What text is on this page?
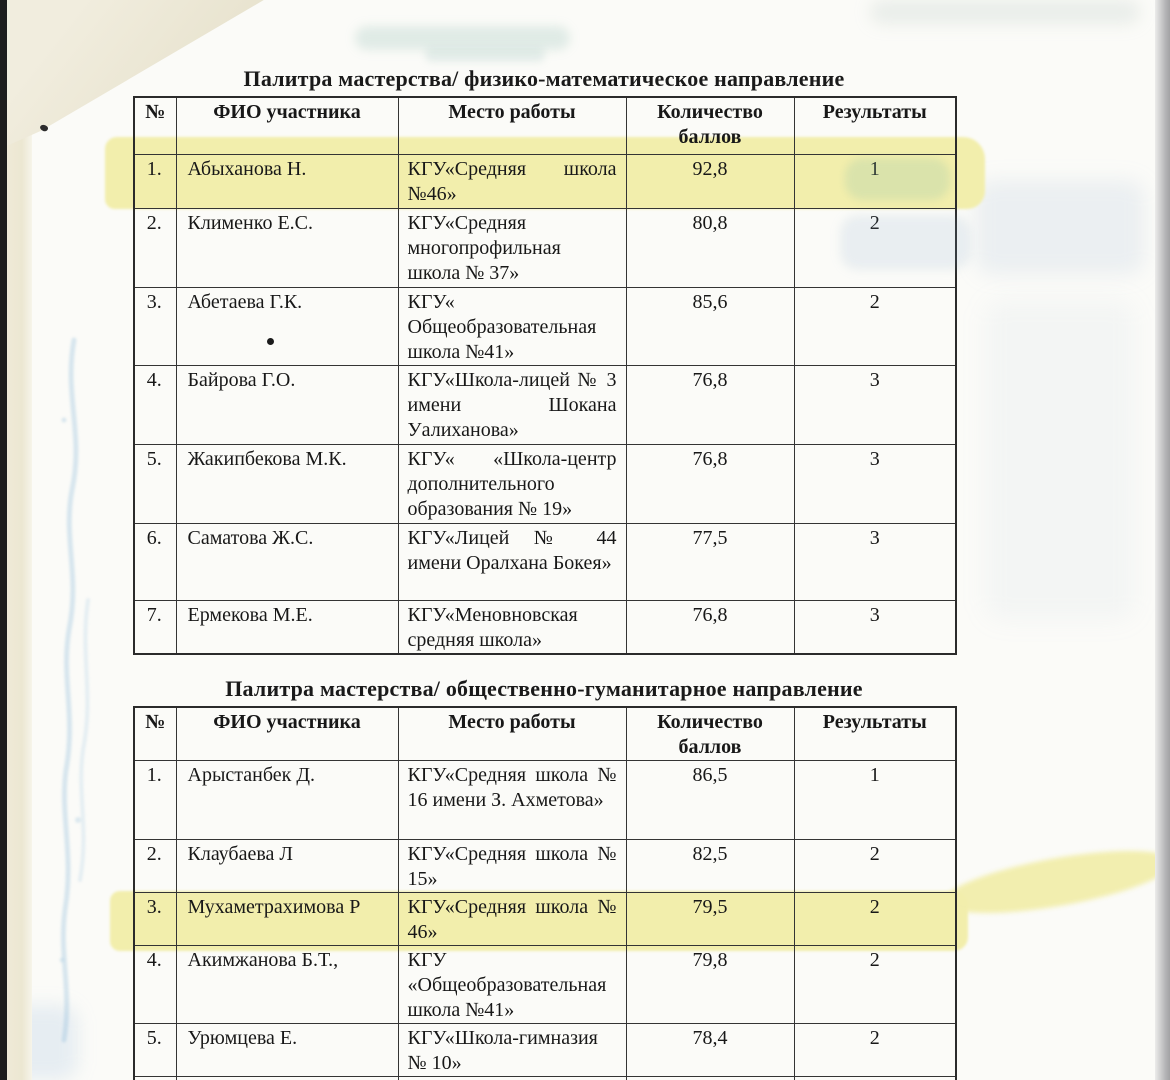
Палитра мастерства/ физико-математическое направление
№	ФИО участника	Место работы	Количество баллов	Результаты
1.	Абыханова Н.	КГУ«Средняя школа №46»	92,8	1
2.	Клименко Е.С.	КГУ«Средняя многопрофильная школа № 37»	80,8	2
3.	Абетаева Г.К.	КГУ« Общеобразовательная школа №41»	85,6	2
4.	Байрова Г.О.	КГУ«Школа-лицей № 3 имени Шокана Уалиханова»	76,8	3
5.	Жакипбекова М.К.	КГУ« «Школа-центр дополнительного образования № 19»	76,8	3
6.	Саматова Ж.С.	КГУ«Лицей № 44 имени Оралхана Бокея»	77,5	3
7.	Ермекова М.Е.	КГУ«Меновновская средняя школа»	76,8	3
Палитра мастерства/ общественно-гуманитарное направление
№	ФИО участника	Место работы	Количество баллов	Результаты
1.	Арыстанбек Д.	КГУ«Средняя школа № 16 имени З. Ахметова»	86,5	1
2.	Клаубаева Л	КГУ«Средняя школа № 15»	82,5	2
3.	Мухаметрахимова Р	КГУ«Средняя школа № 46»	79,5	2
4.	Акимжанова Б.Т.,	КГУ «Общеобразовательная школа №41»	79,8	2
5.	Урюмцева Е.	КГУ«Школа-гимназия № 10»	78,4	2
